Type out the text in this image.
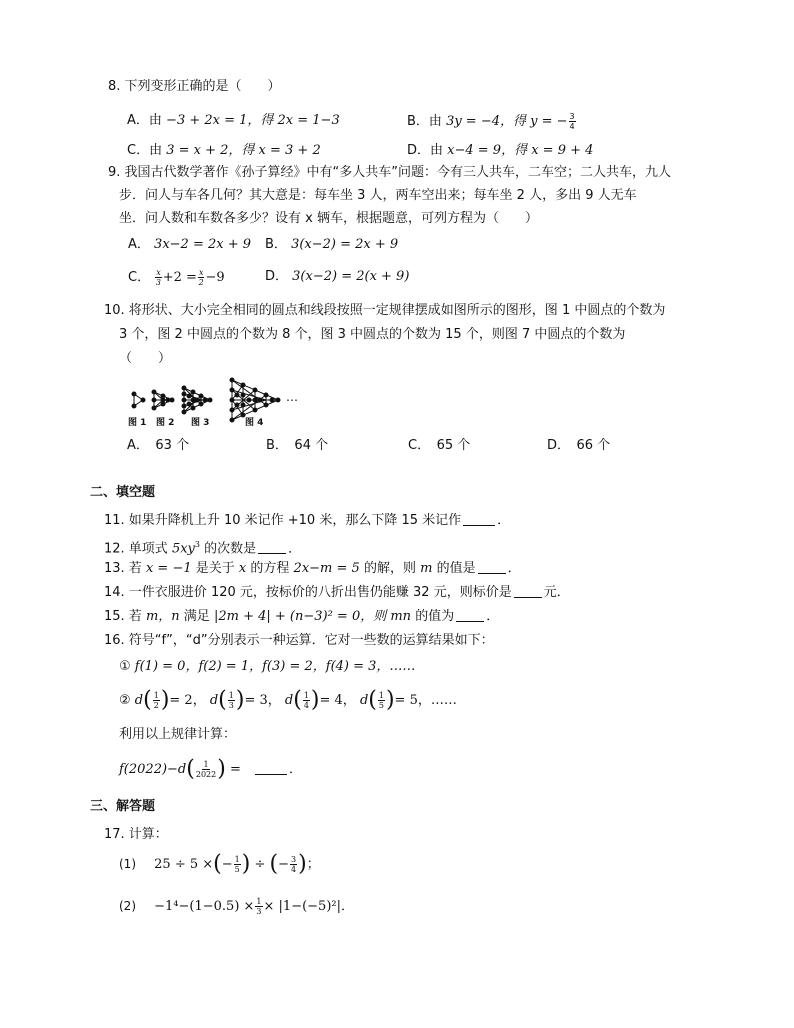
8. 下列变形正确的是（　　）
A．由 −3 + 2x = 1，得 2x = 1−3	B．由 3y = −4，得 y = − $\frac{3}{4}$
C．由 3 = x + 2，得 x = 3 + 2	D．由 x−4 = 9，得 x = 9 + 4
9. 我国古代数学著作《孙子算经》中有“多人共车”问题：今有三人共车，二车空；二人共车，九人
步．问人与车各几何？其大意是：每车坐 3 人，两车空出来；每车坐 2 人，多出 9 人无车
坐．问人数和车数各多少？设有 x 辆车，根据题意，可列方程为（　　）
A． 3x−2 = 2x + 9 B． 3(x−2) = 2x + 9
C． $\frac{x}{3} +2 = \frac{x}{2} -9$	D． 3(x−2) = 2(x + 9)
10. 将形状、大小完全相同的圆点和线段按照一定规律摆成如图所示的图形，图 1 中圆点的个数为
3 个，图 2 中圆点的个数为 8 个，图 3 中圆点的个数为 15 个，则图 7 中圆点的个数为
（　　）
…
图 1 图 2 图 3	图 4
A．　63 个	B．　64 个	C．　65 个	D．　66 个
二、填空题
11. 如果升降机上升 10 米记作 +10 米，那么下降 15 米记作	．
12. 单项式 $5xy^3$ 的次数是 ．
13. 若 x = −1 是关于 x 的方程 2x−m = 5 的解，则 m 的值是 ．
14. 一件衣服进价 120 元，按标价的八折出售仍能赚 32 元，则标价是 元．
15. 若 m，n 满足 |2m + 4| + (n−3)² = 0，则 mn 的值为 ．
16. 符号“f”，“d”分别表示一种运算．它对一些数的运算结果如下：
① f(1) = 0，f(2) = 1，f(3) = 2，f(4) = 3，……
② $d( \frac{1}{2}$ )= 2， $d( \frac{1}{3}$ )= 3， $d( \frac{1}{4}$ )= 4， $d( \frac{1}{5}$ )= 5，……
利用以上规律计算：
$f(2022)-d( \frac{1}{2022}$ ) =	．
三、解答题
17. 计算：
(1) 25 ÷ 5 ×(− $\frac{1}{5}$ ) ÷ (− $\frac{3}{4}$ )；
$(2) -1^4-(1-0.5) \times \frac{1}{3} \times |1-(-5)^2|$．
